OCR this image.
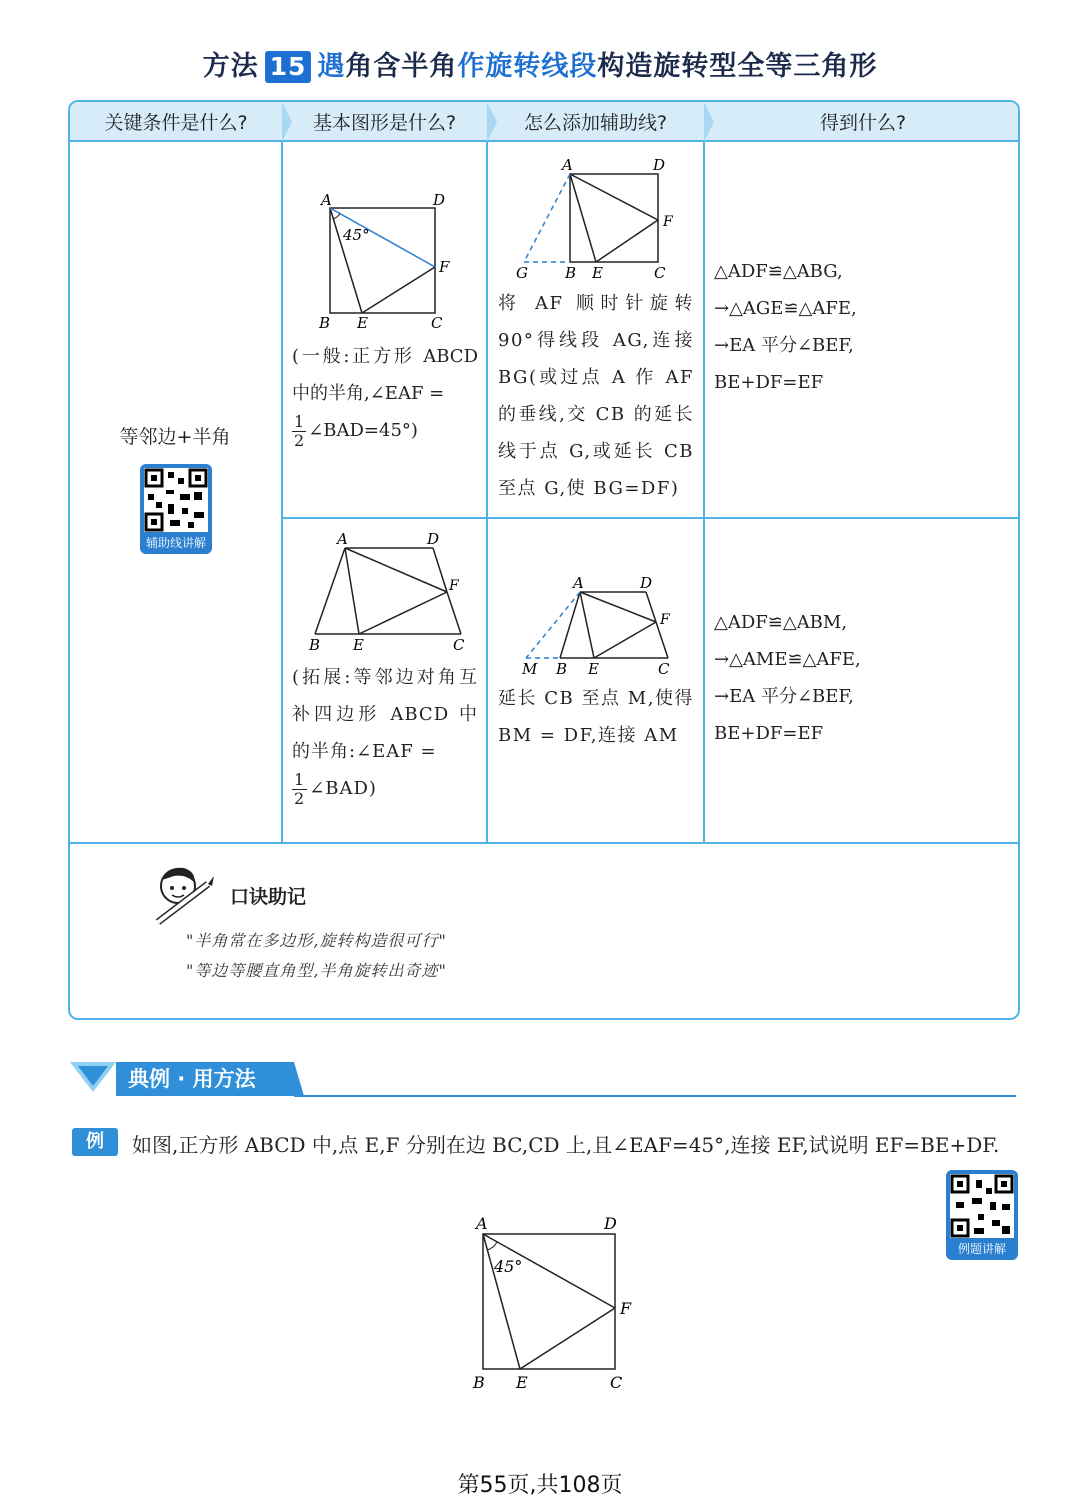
方法 15 遇角含半角作旋转线段构造旋转型全等三角形
关键条件是什么?	基本图形是什么?	怎么添加辅助线?	得到什么?
等邻边+半角
辅助线讲解
A	D
F
B E	C
45°
(一般:正方形 ABCD 中的半角,∠EAF =

$\frac{1}{2}$ ∠BAD=45°)
A	D
F
G B E	C
将 AF 顺时针旋转 90°得线段 AG,连接 BG(或过点 A 作 AF 的垂线,交 CB 的延长线于点 G,或延长 CB 至点 G,使 BG=DF)
△ADF≌△ABG,
→△AGE≌△AFE,
→EA 平分∠BEF,
BE+DF=EF
A	D
F
B E	C
(拓展:等邻边对角互补四边形 ABCD 中的半角:∠EAF =

$\frac{1}{2}$ ∠BAD)
A	D
F
M B E	C
延长 CB 至点 M,使得 BM = DF,连接 AM
△ADF≌△ABM,
→△AME≌△AFE,
→EA 平分∠BEF,
BE+DF=EF
口诀助记
"半角常在多边形,旋转构造很可行"
"等边等腰直角型,半角旋转出奇迹"
典例 · 用方法
例	如图,正方形 ABCD 中,点 E,F 分别在边 BC,CD 上,且∠EAF=45°,连接 EF,试说明 EF=BE+DF.
例题讲解
A	D
F
B E	C
45°
第55页,共108页
